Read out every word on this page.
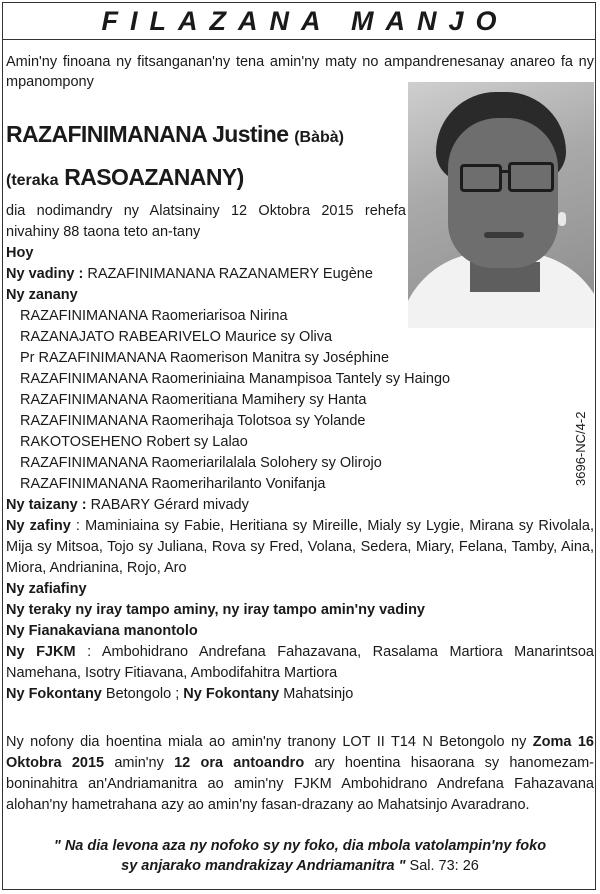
FILAZANA MANJO
Amin'ny finoana ny fitsanganan'ny tena amin'ny maty no ampandrenesanay anareo fa ny mpanompony
RAZAFINIMANANA Justine (Bàbà)
(teraka RASOAZANANY)
dia nodimandry ny Alatsinainy 12 Oktobra 2015 rehefa nivahiny 88 taona teto an-tany
Hoy
Ny vadiny : RAZAFINIMANANA RAZANAMERY Eugène
Ny zanany
RAZAFINIMANANA Raomeriarisoa Nirina
RAZANAJATO RABEARIVELO Maurice sy Oliva
Pr RAZAFINIMANANA Raomerison Manitra sy Joséphine
RAZAFINIMANANA Raomeriniaina Manampisoa Tantely sy Haingo
RAZAFINIMANANA Raomeritiana Mamihery sy Hanta
RAZAFINIMANANA Raomerihaja Tolotsoa sy Yolande
RAKOTOSEHENO Robert sy Lalao
RAZAFINIMANANA Raomeriarilalala Solohery sy Olirojo
RAZAFINIMANANA Raomeriharilanto Vonifanja
Ny taizany : RABARY Gérard mivady
Ny zafiny : Maminiaina sy Fabie, Heritiana sy Mireille, Mialy sy Lygie, Mirana sy Rivolala, Mija sy Mitsoa, Tojo sy Juliana, Rova sy Fred, Volana, Sedera, Miary, Felana, Tamby, Aina, Miora, Andrianina, Rojo, Aro
Ny zafiafiny
Ny teraky ny iray tampo aminy, ny iray tampo amin'ny vadiny
Ny Fianakaviana manontolo
Ny FJKM : Ambohidrano Andrefana Fahazavana, Rasalama Martiora Manarintsoa Namehana, Isotry Fitiavana, Ambodifahitra Martiora
Ny Fokontany Betongolo ; Ny Fokontany Mahatsinjo
Ny nofony dia hoentina miala ao amin'ny tranony LOT II T14 N Betongolo ny Zoma 16 Oktobra 2015 amin'ny 12 ora antoandro ary hoentina hisaorana sy hanomezam-boninahitra an'Andriamanitra ao amin'ny FJKM Ambohidrano Andrefana Fahazavana alohan'ny hametrahana azy ao amin'ny fasan-drazany ao Mahatsinjo Avaradrano.
3696-NC/4-2
" Na dia levona aza ny nofoko sy ny foko, dia mbola vatolampin'ny foko
sy anjarako mandrakizay Andriamanitra " Sal. 73: 26
